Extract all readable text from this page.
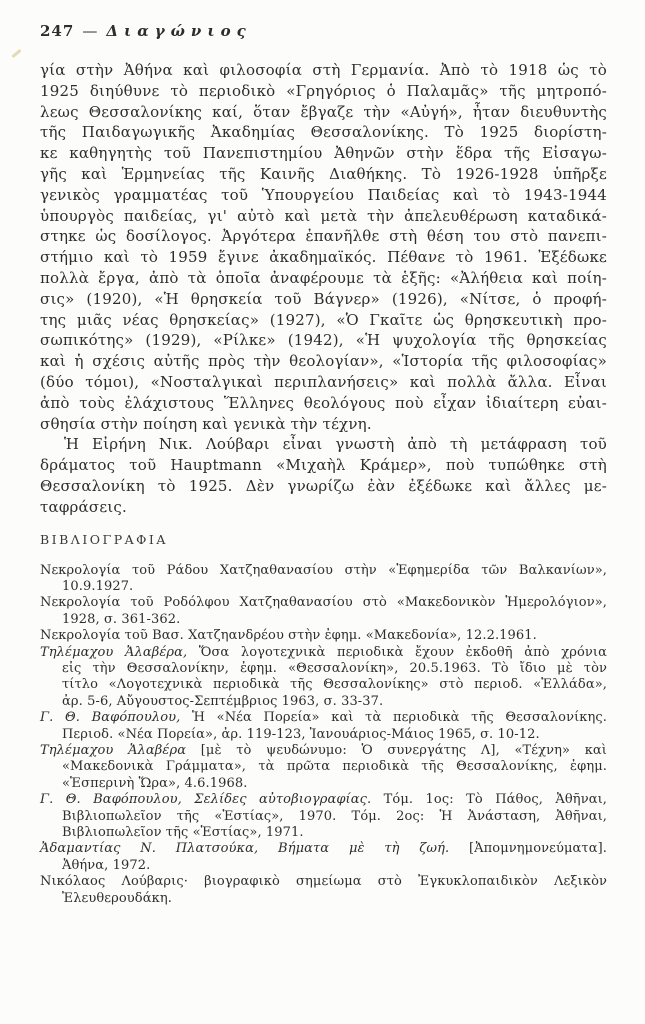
247 — Διαγώνιος
γία στὴν Ἀθήνα καὶ φιλοσοφία στὴ Γερμανία. Ἀπὸ τὸ 1918 ὡς τὸ
1925 διηύθυνε τὸ περιοδικὸ «Γρηγόριος ὁ Παλαμᾶς» τῆς μητροπό-
λεως Θεσσαλονίκης καί, ὅταν ἔβγαζε τὴν «Αὐγή», ἦταν διευθυντὴς
τῆς Παιδαγωγικῆς Ἀκαδημίας Θεσσαλονίκης. Τὸ 1925 διορίστη-
κε καθηγητὴς τοῦ Πανεπιστημίου Ἀθηνῶν στὴν ἕδρα τῆς Εἰσαγω-
γῆς καὶ Ἑρμηνείας τῆς Καινῆς Διαθήκης. Τὸ 1926-1928 ὑπῆρξε
γενικὸς γραμματέας τοῦ Ὑπουργείου Παιδείας καὶ τὸ 1943-1944
ὑπουργὸς παιδείας, γι' αὐτὸ καὶ μετὰ τὴν ἀπελευθέρωση καταδικά-
στηκε ὡς δοσίλογος. Ἀργότερα ἐπανῆλθε στὴ θέση του στὸ πανεπι-
στήμιο καὶ τὸ 1959 ἔγινε ἀκαδημαϊκός. Πέθανε τὸ 1961. Ἐξέδωκε
πολλὰ ἔργα, ἀπὸ τὰ ὁποῖα ἀναφέρουμε τὰ ἑξῆς: «Ἀλήθεια καὶ ποίη-
σις» (1920), «Ἡ θρησκεία τοῦ Βάγνερ» (1926), «Νίτσε, ὁ προφή-
της μιᾶς νέας θρησκείας» (1927), «Ὁ Γκαῖτε ὡς θρησκευτικὴ προ-
σωπικότης» (1929), «Ρίλκε» (1942), «Ἡ ψυχολογία τῆς θρησκείας
καὶ ἡ σχέσις αὐτῆς πρὸς τὴν θεολογίαν», «Ἱστορία τῆς φιλοσοφίας»
(δύο τόμοι), «Νοσταλγικαὶ περιπλανήσεις» καὶ πολλὰ ἄλλα. Εἶναι
ἀπὸ τοὺς ἐλάχιστους Ἕλληνες θεολόγους ποὺ εἶχαν ἰδιαίτερη εὐαι-
σθησία στὴν ποίηση καὶ γενικὰ τὴν τέχνη.
Ἡ Εἰρήνη Νικ. Λούβαρι εἶναι γνωστὴ ἀπὸ τὴ μετάφραση τοῦ
δράματος τοῦ Hauptmann «Μιχαὴλ Κράμερ», ποὺ τυπώθηκε στὴ
Θεσσαλονίκη τὸ 1925. Δὲν γνωρίζω ἐὰν ἐξέδωκε καὶ ἄλλες με-
ταφράσεις.
ΒΙΒΛΙΟΓΡΑΦΙΑ
Νεκρολογία τοῦ Ράδου Χατζηαθανασίου στὴν «Ἐφημερίδα τῶν Βαλκανίων»,
10.9.1927.
Νεκρολογία τοῦ Ροδόλφου Χατζηαθανασίου στὸ «Μακεδονικὸν Ἡμερολόγιον»,
1928, σ. 361-362.
Νεκρολογία τοῦ Βασ. Χατζηανδρέου στὴν ἐφημ. «Μακεδονία», 12.2.1961.
Τηλέμαχου Ἀλαβέρα, Ὅσα λογοτεχνικὰ περιοδικὰ ἔχουν ἐκδοθῆ ἀπὸ χρόνια
εἰς τὴν Θεσσαλονίκην, ἐφημ. «Θεσσαλονίκη», 20.5.1963. Τὸ ἴδιο μὲ τὸν
τίτλο «Λογοτεχνικὰ περιοδικὰ τῆς Θεσσαλονίκης» στὸ περιοδ. «Ἑλλάδα»,
ἀρ. 5-6, Αὔγουστος-Σεπτέμβριος 1963, σ. 33-37.
Γ. Θ. Βαφόπουλου, Ἡ «Νέα Πορεία» καὶ τὰ περιοδικὰ τῆς Θεσσαλονίκης.
Περιοδ. «Νέα Πορεία», ἀρ. 119-123, Ἰανουάριος-Μάιος 1965, σ. 10-12.
Τηλέμαχου Ἀλαβέρα [μὲ τὸ ψευδώνυμο: Ὁ συνεργάτης Λ], «Τέχνη» καὶ
«Μακεδονικὰ Γράμματα», τὰ πρῶτα περιοδικὰ τῆς Θεσσαλονίκης, ἐφημ.
«Ἑσπερινὴ Ὥρα», 4.6.1968.
Γ. Θ. Βαφόπουλου, Σελίδες αὐτοβιογραφίας. Τόμ. 1ος: Τὸ Πάθος, Ἀθῆναι,
Βιβλιοπωλεῖον τῆς «Ἑστίας», 1970. Τόμ. 2ος: Ἡ Ἀνάσταση, Ἀθῆναι,
Βιβλιοπωλεῖον τῆς «Ἑστίας», 1971.
Ἀδαμαντίας Ν. Πλατσούκα, Βήματα μὲ τὴ ζωή. [Ἀπομνημονεύματα].
Ἀθήνα, 1972.
Νικόλαος Λούβαρις· βιογραφικὸ σημείωμα στὸ Ἐγκυκλοπαιδικὸν Λεξικὸν
Ἐλευθερουδάκη.
